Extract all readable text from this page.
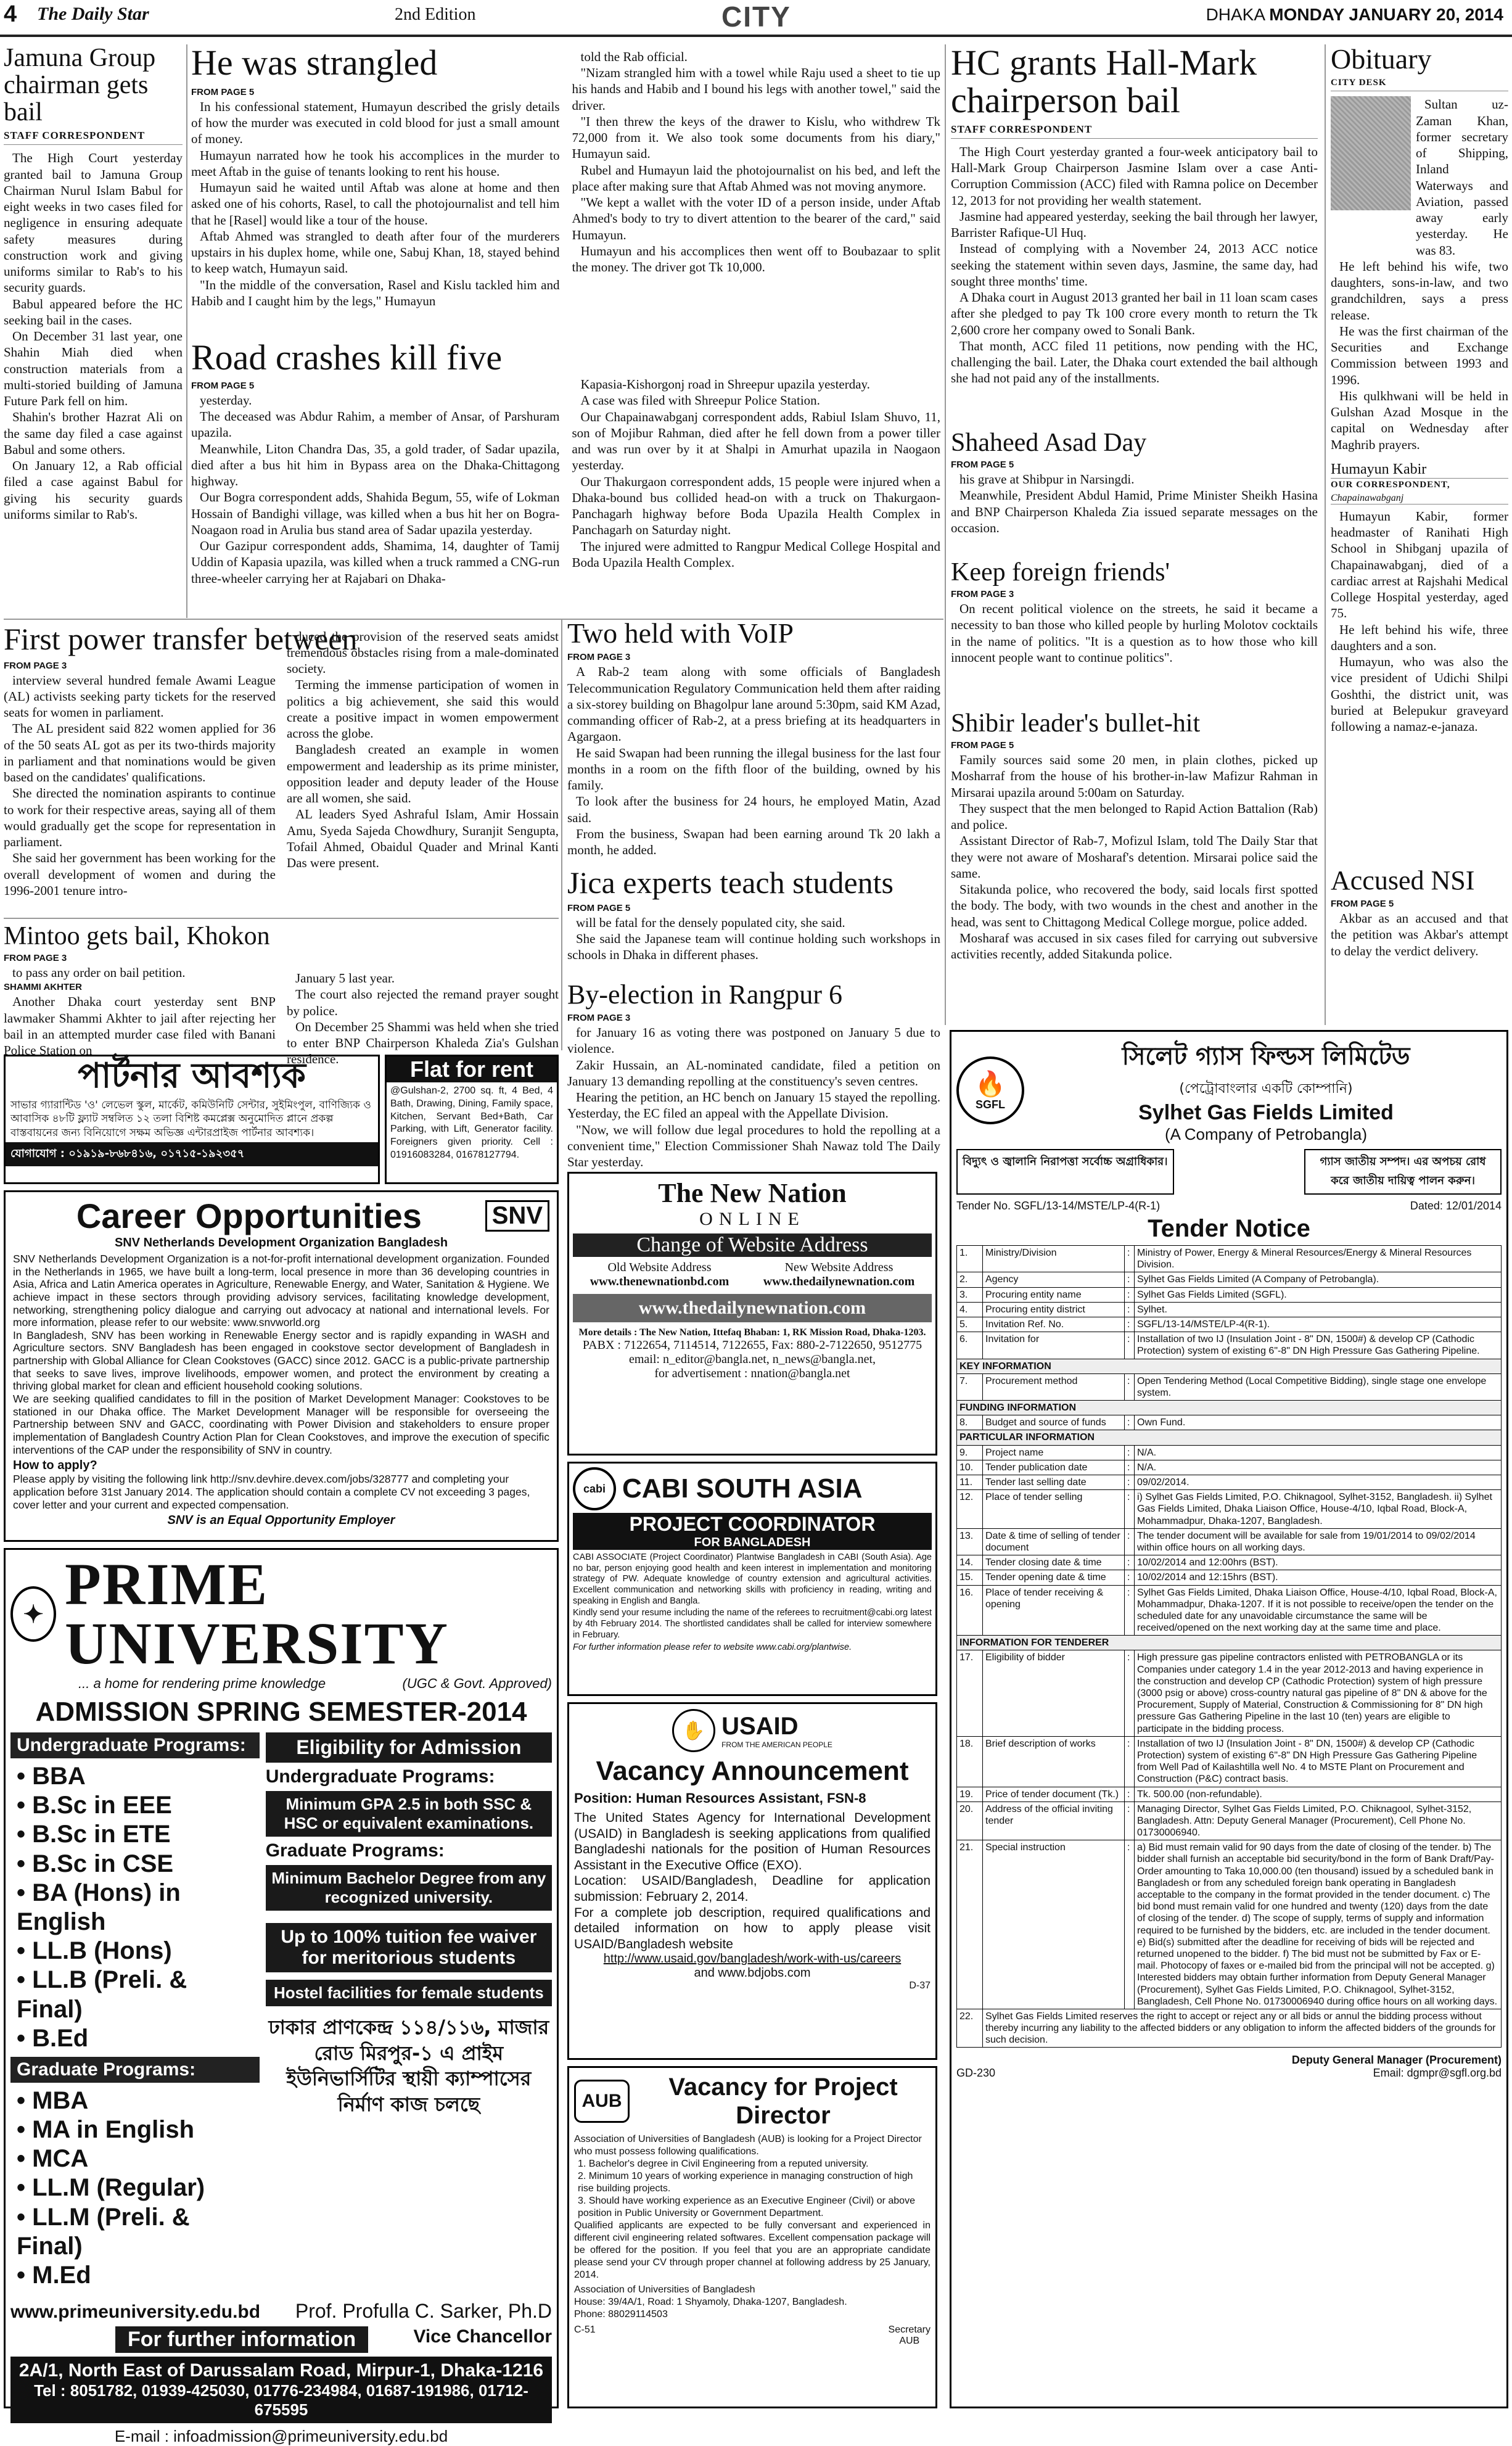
4 The Daily Star	2nd Edition	CITY	DHAKA MONDAY JANUARY 20, 2014
Jamuna Group chairman gets bail
STAFF CORRESPONDENT

The High Court yesterday granted bail to Jamuna Group Chairman Nurul Islam Babul for eight weeks in two cases filed for negligence in ensuring adequate safety measures during construction work and giving uniforms similar to Rab's to his security guards.

Babul appeared before the HC seeking bail in the cases.

On December 31 last year, one Shahin Miah died when construction materials from a multi-storied building of Jamuna Future Park fell on him.

Shahin's brother Hazrat Ali on the same day filed a case against Babul and some others.

On January 12, a Rab official filed a case against Babul for giving his security guards uniforms similar to Rab's.

He was strangled
FROM PAGE 5

In his confessional statement, Humayun described the grisly details of how the murder was executed in cold blood for just a small amount of money.

Humayun narrated how he took his accomplices in the murder to meet Aftab in the guise of tenants looking to rent his house.

Humayun said he waited until Aftab was alone at home and then asked one of his cohorts, Rasel, to call the photojournalist and tell him that he [Rasel] would like a tour of the house.

Aftab Ahmed was strangled to death after four of the murderers upstairs in his duplex home, while one, Sabuj Khan, 18, stayed behind to keep watch, Humayun said.

"In the middle of the conversation, Rasel and Kislu tackled him and Habib and I caught him by the legs," Humayun

told the Rab official.

"Nizam strangled him with a towel while Raju used a sheet to tie up his hands and Habib and I bound his legs with another towel," said the driver.

"I then threw the keys of the drawer to Kislu, who withdrew Tk 72,000 from it. We also took some documents from his diary," Humayun said.

Rubel and Humayun laid the photojournalist on his bed, and left the place after making sure that Aftab Ahmed was not moving anymore.

"We kept a wallet with the voter ID of a person inside, under Aftab Ahmed's body to try to divert attention to the bearer of the card," said Humayun.

Humayun and his accomplices then went off to Boubazaar to split the money. The driver got Tk 10,000.

Road crashes kill five
FROM PAGE 5

yesterday.

The deceased was Abdur Rahim, a member of Ansar, of Parshuram upazila.

Meanwhile, Liton Chandra Das, 35, a gold trader, of Sadar upazila, died after a bus hit him in Bypass area on the Dhaka-Chittagong highway.

Our Bogra correspondent adds, Shahida Begum, 55, wife of Lokman Hossain of Bandighi village, was killed when a bus hit her on Bogra-Noagaon road in Arulia bus stand area of Sadar upazila yesterday.

Our Gazipur correspondent adds, Shamima, 14, daughter of Tamij Uddin of Kapasia upazila, was killed when a truck rammed a CNG-run three-wheeler carrying her at Rajabari on Dhaka-

Kapasia-Kishorgonj road in Shreepur upazila yesterday.

A case was filed with Shreepur Police Station.

Our Chapainawabganj correspondent adds, Rabiul Islam Shuvo, 11, son of Mojibur Rahman, died after he fell down from a power tiller and was run over by it at Shalpi in Amurhat upazila in Naogaon yesterday.

Our Thakurgaon correspondent adds, 15 people were injured when a Dhaka-bound bus collided head-on with a truck on Thakurgaon-Panchagarh highway before Boda Upazila Health Complex in Panchagarh on Saturday night.

The injured were admitted to Rangpur Medical College Hospital and Boda Upazila Health Complex.

First power transfer between
FROM PAGE 3

interview several hundred female Awami League (AL) activists seeking party tickets for the reserved seats for women in parliament.

The AL president said 822 women applied for 36 of the 50 seats AL got as per its two-thirds majority in parliament and that nominations would be given based on the candidates' qualifications.

She directed the nomination aspirants to continue to work for their respective areas, saying all of them would gradually get the scope for representation in parliament.

She said her government has been working for the overall development of women and during the 1996-2001 tenure intro-

duced the provision of the reserved seats amidst tremendous obstacles rising from a male-dominated society.

Terming the immense participation of women in politics a big achievement, she said this would create a positive impact in women empowerment across the globe.

Bangladesh created an example in women empowerment and leadership as its prime minister, opposition leader and deputy leader of the House are all women, she said.

AL leaders Syed Ashraful Islam, Amir Hossain Amu, Syeda Sajeda Chowdhury, Suranjit Sengupta, Tofail Ahmed, Obaidul Quader and Mrinal Kanti Das were present.

Mintoo gets bail, Khokon
FROM PAGE 3

to pass any order on bail petition.

SHAMMI AKHTER

Another Dhaka court yesterday sent BNP lawmaker Shammi Akhter to jail after rejecting her bail in an attempted murder case filed with Banani Police Station on

January 5 last year.

The court also rejected the remand prayer sought by police.

On December 25 Shammi was held when she tried to enter BNP Chairperson Khaleda Zia's Gulshan residence.

Two held with VoIP
FROM PAGE 3

A Rab-2 team along with some officials of Bangladesh Telecommunication Regulatory Communication held them after raiding a six-storey building on Bhagolpur lane around 5:30pm, said KM Azad, commanding officer of Rab-2, at a press briefing at its headquarters in Agargaon.

He said Swapan had been running the illegal business for the last four months in a room on the fifth floor of the building, owned by his family.

To look after the business for 24 hours, he employed Matin, Azad said.

From the business, Swapan had been earning around Tk 20 lakh a month, he added.

Jica experts teach students
FROM PAGE 5

will be fatal for the densely populated city, she said.

She said the Japanese team will continue holding such workshops in schools in Dhaka in different phases.

By-election in Rangpur 6
FROM PAGE 3

for January 16 as voting there was postponed on January 5 due to violence.

Zakir Hussain, an AL-nominated candidate, filed a petition on January 13 demanding repolling at the constituency's seven centres.

Hearing the petition, an HC bench on January 15 stayed the repolling. Yesterday, the EC filed an appeal with the Appellate Division.

"Now, we will follow due legal procedures to hold the repolling at a convenient time," Election Commissioner Shah Nawaz told The Daily Star yesterday.

HC grants Hall-Mark chairperson bail
STAFF CORRESPONDENT

The High Court yesterday granted a four-week anticipatory bail to Hall-Mark Group Chairperson Jasmine Islam over a case Anti-Corruption Commission (ACC) filed with Ramna police on December 12, 2013 for not providing her wealth statement.

Jasmine had appeared yesterday, seeking the bail through her lawyer, Barrister Rafique-Ul Huq.

Instead of complying with a November 24, 2013 ACC notice seeking the statement within seven days, Jasmine, the same day, had sought three months' time.

A Dhaka court in August 2013 granted her bail in 11 loan scam cases after she pledged to pay Tk 100 crore every month to return the Tk 2,600 crore her company owed to Sonali Bank.

That month, ACC filed 11 petitions, now pending with the HC, challenging the bail. Later, the Dhaka court extended the bail although she had not paid any of the installments.

Shaheed Asad Day
FROM PAGE 5

his grave at Shibpur in Narsingdi.

Meanwhile, President Abdul Hamid, Prime Minister Sheikh Hasina and BNP Chairperson Khaleda Zia issued separate messages on the occasion.

Keep foreign friends'
FROM PAGE 3

On recent political violence on the streets, he said it became a necessity to ban those who killed people by hurling Molotov cocktails in the name of politics. "It is a question as to how those who kill innocent people want to continue politics".

Shibir leader's bullet-hit
FROM PAGE 5

Family sources said some 20 men, in plain clothes, picked up Mosharraf from the house of his brother-in-law Mafizur Rahman in Mirsarai upazila around 5:00am on Saturday.

They suspect that the men belonged to Rapid Action Battalion (Rab) and police.

Assistant Director of Rab-7, Mofizul Islam, told The Daily Star that they were not aware of Mosharaf's detention. Mirsarai police said the same.

Sitakunda police, who recovered the body, said locals first spotted the body. The body, with two wounds in the chest and another in the head, was sent to Chittagong Medical College morgue, police added.

Mosharaf was accused in six cases filed for carrying out subversive activities recently, added Sitakunda police.

Obituary
CITY DESK

Sultan uz-Zaman Khan, former secretary of Shipping, Inland Waterways and Aviation, passed away early yesterday. He was 83.

He left behind his wife, two daughters, sons-in-law, and two grandchildren, says a press release.

He was the first chairman of the Securities and Exchange Commission between 1993 and 1996.

His qulkhwani will be held in Gulshan Azad Mosque in the capital on Wednesday after Maghrib prayers.

Humayun Kabir
OUR CORRESPONDENT,
Chapainawabganj

Humayun Kabir, former headmaster of Ranihati High School in Shibganj upazila of Chapainawabganj, died of a cardiac arrest at Rajshahi Medical College Hospital yesterday, aged 75.

He left behind his wife, three daughters and a son.

Humayun, who was also the vice president of Udichi Shilpi Goshthi, the district unit, was buried at Belepukur graveyard following a namaz-e-janaza.

Accused NSI
FROM PAGE 5

Akbar as an accused and that the petition was Akbar's attempt to delay the verdict delivery.

পার্টনার আবশ্যক
সাভার গ্যারান্টিড 'ও' লেভেল স্কুল, মার্কেট, কমিউনিটি সেন্টার, সুইমিংপুল, বাণিজ্যিক ও আবাসিক ৪৮টি ফ্ল্যাট সম্বলিত ১২ তলা বিশিষ্ট কমপ্লেক্স অনুমোদিত প্লানে প্রকল্প বাস্তবায়নের জন্য বিনিয়োগে সক্ষম অভিজ্ঞ এন্টারপ্রাইজ পার্টনার আবশ্যক।
যোগাযোগ : ০১৯১৯-৮৬৮৪১৬, ০১৭১৫-১৯২৩৫৭
Flat for rent
@Gulshan-2, 2700 sq. ft, 4 Bed, 4 Bath, Drawing, Dining, Family space, Kitchen, Servant Bed+Bath, Car Parking, with Lift, Generator facility. Foreigners given priority. Cell : 01916083284, 01678127794.
Career Opportunities	SNV
SNV Netherlands Development Organization Bangladesh
SNV Netherlands Development Organization is a not-for-profit international development organization. Founded in the Netherlands in 1965, we have built a long-term, local presence in more than 36 developing countries in Asia, Africa and Latin America operates in Agriculture, Renewable Energy, and Water, Sanitation & Hygiene. We achieve impact in these sectors through providing advisory services, facilitating knowledge development, networking, strengthening policy dialogue and carrying out advocacy at national and international levels. For more information, please refer to our website: www.snvworld.org
In Bangladesh, SNV has been working in Renewable Energy sector and is rapidly expanding in WASH and Agriculture sectors. SNV Bangladesh has been engaged in cookstove sector development of Bangladesh in partnership with Global Alliance for Clean Cookstoves (GACC) since 2012. GACC is a public-private partnership that seeks to save lives, improve livelihoods, empower women, and protect the environment by creating a thriving global market for clean and efficient household cooking solutions.
We are seeking qualified candidates to fill in the position of Market Development Manager: Cookstoves to be stationed in our Dhaka office. The Market Development Manager will be responsible for overseeing the Partnership between SNV and GACC, coordinating with Power Division and stakeholders to ensure proper implementation of Bangladesh Country Action Plan for Clean Cookstoves, and improve the execution of specific interventions of the CAP under the responsibility of SNV in country.
How to apply?
Please apply by visiting the following link http://snv.devhire.devex.com/jobs/328777 and completing your application before 31st January 2014. The application should contain a complete CV not exceeding 3 pages, cover letter and your current and expected compensation.
SNV is an Equal Opportunity Employer
✦ PRIME UNIVERSITY
... a home for rendering prime knowledge	(UGC & Govt. Approved)
ADMISSION SPRING SEMESTER-2014
Undergraduate Programs:
• BBA
• B.Sc in EEE
• B.Sc in ETE
• B.Sc in CSE
• BA (Hons) in English
• LL.B (Hons)
• LL.B (Preli. & Final)
• B.Ed
Graduate Programs:
• MBA
• MA in English
• MCA
• LL.M (Regular)
• LL.M (Preli. & Final)
• M.Ed
Eligibility for Admission
Undergraduate Programs:
Minimum GPA 2.5 in both SSC & HSC or equivalent examinations.
Graduate Programs:
Minimum Bachelor Degree from any recognized university.
Up to 100% tuition fee waiver for meritorious students
Hostel facilities for female students
ঢাকার প্রাণকেন্দ্র ১১৪/১১৬, মাজার রোড মিরপুর-১ এ প্রাইম ইউনিভার্সিটির স্থায়ী ক্যাম্পাসের নির্মাণ কাজ চলছে
www.primeuniversity.edu.bd Prof. Profulla C. Sarker, Ph.D
For further information	Vice Chancellor
2A/1, North East of Darussalam Road, Mirpur-1, Dhaka-1216
Tel : 8051782, 01939-425030, 01776-234984, 01687-191986, 01712-675595
E-mail : infoadmission@primeuniversity.edu.bd
The New Nation
ONLINE
Change of Website Address
Old Website Address
www.thenewnationbd.com
New Website Address
www.thedailynewnation.com
www.thedailynewnation.com
More details : The New Nation, Ittefaq Bhaban: 1, RK Mission Road, Dhaka-1203.
PABX : 7122654, 7114514, 7122655, Fax: 880-2-7122650, 9512775
email: n_editor@bangla.net, n_news@bangla.net,
for advertisement : nnation@bangla.net
cabi CABI SOUTH ASIA
PROJECT COORDINATOR
FOR BANGLADESH
CABI ASSOCIATE (Project Coordinator) Plantwise Bangladesh in CABI (South Asia). Age no bar, person enjoying good health and keen interest in implementation and monitoring strategy of PW. Adequate knowledge of country extension and agricultural activities. Excellent communication and networking skills with proficiency in reading, writing and speaking in English and Bangla.
Kindly send your resume including the name of the referees to recruitment@cabi.org latest by 4th February 2014. The shortlisted candidates shall be called for interview somewhere in February.
For further information please refer to website www.cabi.org/plantwise.
✋ USAID
FROM THE AMERICAN PEOPLE
Vacancy Announcement
Position: Human Resources Assistant, FSN-8
The United States Agency for International Development (USAID) in Bangladesh is seeking applications from qualified Bangladeshi nationals for the position of Human Resources Assistant in the Executive Office (EXO).
Location: USAID/Bangladesh, Deadline for application submission: February 2, 2014.
For a complete job description, required qualifications and detailed information on how to apply please visit USAID/Bangladesh website
http://www.usaid.gov/bangladesh/work-with-us/careers
and www.bdjobs.com
D-37
AUB
Vacancy for Project Director
Association of Universities of Bangladesh (AUB) is looking for a Project Director who must possess following qualifications.
1. Bachelor's degree in Civil Engineering from a reputed university.
2. Minimum 10 years of working experience in managing construction of high rise building projects.
3. Should have working experience as an Executive Engineer (Civil) or above position in Public University or Government Department.
Qualified applicants are expected to be fully conversant and experienced in different civil engineering related softwares. Excellent compensation package will be offered for the position. If you feel that you are an appropriate candidate please send your CV through proper channel at following address by 25 January, 2014.
Association of Universities of Bangladesh
House: 39/4A/1, Road: 1 Shyamoly, Dhaka-1207, Bangladesh.
Phone: 88029114503
C-51	Secretary
AUB
🔥
SGFL
সিলেট গ্যাস ফিল্ডস লিমিটেড
(পেট্রোবাংলার একটি কোম্পানি)
Sylhet Gas Fields Limited
(A Company of Petrobangla)
বিদ্যুৎ ও জ্বালানি নিরাপত্তা সর্বোচ্চ অগ্রাধিকার।	গ্যাস জাতীয় সম্পদ। এর অপচয় রোধ করে জাতীয় দায়িত্ব পালন করুন।
Tender No. SGFL/13-14/MSTE/LP-4(R-1)	Dated: 12/01/2014
Tender Notice
1.	Ministry/Division	:	Ministry of Power, Energy & Mineral Resources/Energy & Mineral Resources Division.
2.	Agency	:	Sylhet Gas Fields Limited (A Company of Petrobangla).
3.	Procuring entity name	:	Sylhet Gas Fields Limited (SGFL).
4.	Procuring entity district	:	Sylhet.
5.	Invitation Ref. No.	:	SGFL/13-14/MSTE/LP-4(R-1).
6.	Invitation for	:	Installation of two IJ (Insulation Joint - 8" DN, 1500#) & develop CP (Cathodic Protection) system of existing 6"-8" DN High Pressure Gas Gathering Pipeline.
KEY INFORMATION			
7.	Procurement method	:	Open Tendering Method (Local Competitive Bidding), single stage one envelope system.
FUNDING INFORMATION			
8.	Budget and source of funds	:	Own Fund.
PARTICULAR INFORMATION			
9.	Project name	:	N/A.
10.	Tender publication date	:	N/A.
11.	Tender last selling date	:	09/02/2014.
12.	Place of tender selling	:	i) Sylhet Gas Fields Limited, P.O. Chiknagool, Sylhet-3152, Bangladesh. ii) Sylhet Gas Fields Limited, Dhaka Liaison Office, House-4/10, Iqbal Road, Block-A, Mohammadpur, Dhaka-1207, Bangladesh.
13.	Date & time of selling of tender document	:	The tender document will be available for sale from 19/01/2014 to 09/02/2014 within office hours on all working days.
14.	Tender closing date & time	:	10/02/2014 and 12:00hrs (BST).
15.	Tender opening date & time	:	10/02/2014 and 12:15hrs (BST).
16.	Place of tender receiving & opening	:	Sylhet Gas Fields Limited, Dhaka Liaison Office, House-4/10, Iqbal Road, Block-A, Mohammadpur, Dhaka-1207. If it is not possible to receive/open the tender on the scheduled date for any unavoidable circumstance the same will be received/opened on the next working day at the same time and place.
INFORMATION FOR TENDERER			
17.	Eligibility of bidder	:	High pressure gas pipeline contractors enlisted with PETROBANGLA or its Companies under category 1.4 in the year 2012-2013 and having experience in the construction and develop CP (Cathodic Protection) system of high pressure (3000 psig or above) cross-country natural gas pipeline of 8" DN & above for the Procurement, Supply of Material, Construction & Commissioning for 8" DN high pressure Gas Gathering Pipeline in the last 10 (ten) years are eligible to participate in the bidding process.
18.	Brief description of works	:	Installation of two IJ (Insulation Joint - 8" DN, 1500#) & develop CP (Cathodic Protection) system of existing 6"-8" DN High Pressure Gas Gathering Pipeline from Well Pad of Kailashtilla well No. 4 to MSTE Plant on Procurement and Construction (P&C) contract basis.
19.	Price of tender document (Tk.)	:	Tk. 500.00 (non-refundable).
20.	Address of the official inviting tender	:	Managing Director, Sylhet Gas Fields Limited, P.O. Chiknagool, Sylhet-3152, Bangladesh. Attn: Deputy General Manager (Procurement), Cell Phone No. 01730006940.
21.	Special instruction	:	a) Bid must remain valid for 90 days from the date of closing of the tender. b) The bidder shall furnish an acceptable bid security/bond in the form of Bank Draft/Pay-Order amounting to Taka 10,000.00 (ten thousand) issued by a scheduled bank in Bangladesh or from any scheduled foreign bank operating in Bangladesh acceptable to the company in the format provided in the tender document. c) The bid bond must remain valid for one hundred and twenty (120) days from the date of closing of the tender. d) The scope of supply, terms of supply and information required to be furnished by the bidders, etc. are included in the tender document. e) Bid(s) submitted after the deadline for receiving of bids will be rejected and returned unopened to the bidder. f) The bid must not be submitted by Fax or E-mail. Photocopy of faxes or e-mailed bid from the principal will not be accepted. g) Interested bidders may obtain further information from Deputy General Manager (Procurement), Sylhet Gas Fields Limited, P.O. Chiknagool, Sylhet-3152, Bangladesh, Cell Phone No. 01730006940 during office hours on all working days.
22.	Sylhet Gas Fields Limited reserves the right to accept or reject any or all bids or annul the bidding process without thereby incurring any liability to the affected bidders or any obligation to inform the affected bidders of the grounds for such decision.		
GD-230
Deputy General Manager (Procurement)
Email: dgmpr@sgfl.org.bd
